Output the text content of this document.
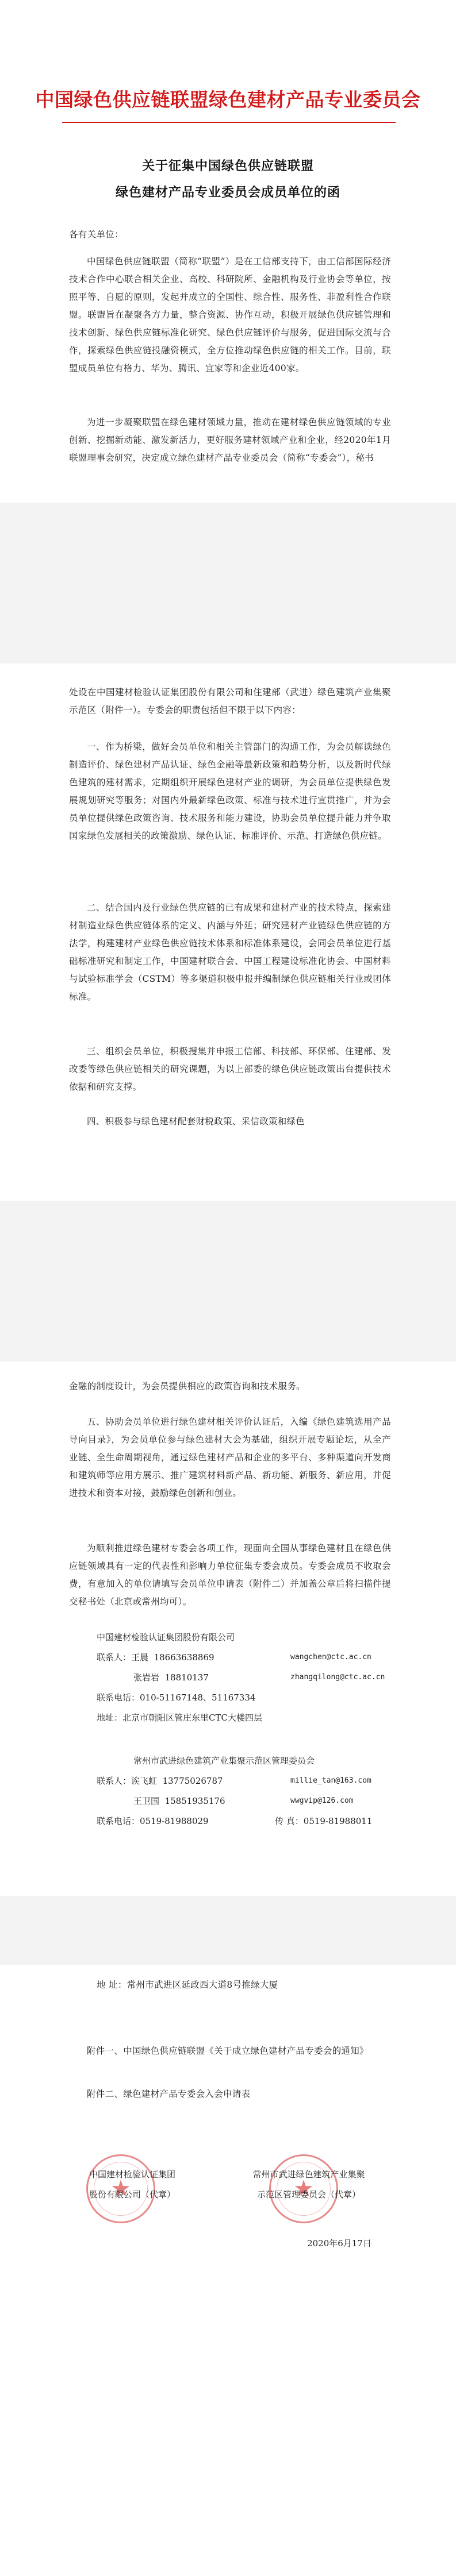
中国绿色供应链联盟绿色建材产品专业委员会
关于征集中国绿色供应链联盟
绿色建材产品专业委员会成员单位的函

各有关单位：

中国绿色供应链联盟（简称“联盟”）是在工信部支持下，由工信部国际经济技术合作中心联合相关企业、高校、科研院所、金融机构及行业协会等单位，按照平等、自愿的原则，发起并成立的全国性、综合性、服务性、非盈利性合作联盟。联盟旨在凝聚各方力量，整合资源、协作互动，积极开展绿色供应链管理和技术创新、绿色供应链标准化研究、绿色供应链评价与服务，促进国际交流与合作，探索绿色供应链投融资模式，全方位推动绿色供应链的相关工作。目前，联盟成员单位有格力、华为、腾讯、宜家等和企业近400家。

为进一步凝聚联盟在绿色建材领域力量，推动在建材绿色供应链领域的专业创新、挖掘新动能、激发新活力，更好服务建材领域产业和企业，经2020年1月联盟理事会研究，决定成立绿色建材产品专业委员会（简称“专委会”），秘书

处设在中国建材检验认证集团股份有限公司和住建部（武进）绿色建筑产业集聚示范区（附件一）。专委会的职责包括但不限于以下内容：

一、作为桥梁，做好会员单位和相关主管部门的沟通工作，为会员解读绿色制造评价、绿色建材产品认证、绿色金融等最新政策和趋势分析，以及新时代绿色建筑的建材需求，定期组织开展绿色建材产业的调研，为会员单位提供绿色发展规划研究等服务；对国内外最新绿色政策、标准与技术进行宣贯推广，并为会员单位提供绿色政策咨询、技术服务和能力建设，协助会员单位提升能力并争取国家绿色发展相关的政策激励、绿色认证、标准评价、示范、打造绿色供应链。

二、结合国内及行业绿色供应链的已有成果和建材产业的技术特点，探索建材制造业绿色供应链体系的定义、内涵与外延；研究建材产业链绿色供应链的方法学，构建建材产业绿色供应链技术体系和标准体系建设，会同会员单位进行基础标准研究和制定工作，中国建材联合会、中国工程建设标准化协会、中国材料与试验标准学会（CSTM）等多渠道积极申报并编制绿色供应链相关行业或团体标准。

三、组织会员单位，积极搜集并申报工信部、科技部、环保部、住建部、发改委等绿色供应链相关的研究课题，为以上部委的绿色供应链政策出台提供技术依据和研究支撑。

四、积极参与绿色建材配套财税政策、采信政策和绿色

金融的制度设计，为会员提供相应的政策咨询和技术服务。

五、协助会员单位进行绿色建材相关评价认证后，入编《绿色建筑选用产品导向目录》，为会员单位参与绿色建材大会为基础，组织开展专题论坛，从全产业链、全生命周期视角，通过绿色建材产品和企业的多平台、多种渠道向开发商和建筑师等应用方展示、推广建筑材料新产品、新功能、新服务、新应用，并促进技术和资本对接，鼓励绿色创新和创业。

为顺利推进绿色建材专委会各项工作，现面向全国从事绿色建材且在绿色供应链领域具有一定的代表性和影响力单位征集专委会成员。专委会成员不收取会费，有意加入的单位请填写会员单位申请表（附件二）并加盖公章后将扫描件提交秘书处（北京或常州均可）。

中国建材检验认证集团股份有限公司

联系人：王晨 18663638869	wangchen@ctc.ac.cn

张岩岩 18810137	zhangqilong@ctc.ac.cn

联系电话：010-51167148、51167334

地址：北京市朝阳区管庄东里CTC大楼四层

常州市武进绿色建筑产业集聚示范区管理委员会

联系人：诶飞虹 13775026787	millie_tan@163.com

王卫国 15851935176	wwgvip@126.com

联系电话：0519-81988029	传 真：0519-81988011

地 址：常州市武进区延政西大道8号推绿大厦

附件一、中国绿色供应链联盟《关于成立绿色建材产品专委会的通知》

附件二、绿色建材产品专委会入会申请表

★
★

中国建材检验认证集团

股份有限公司（代章）

常州市武进绿色建筑产业集聚

示范区管理委员会（代章）

2020年6月17日
